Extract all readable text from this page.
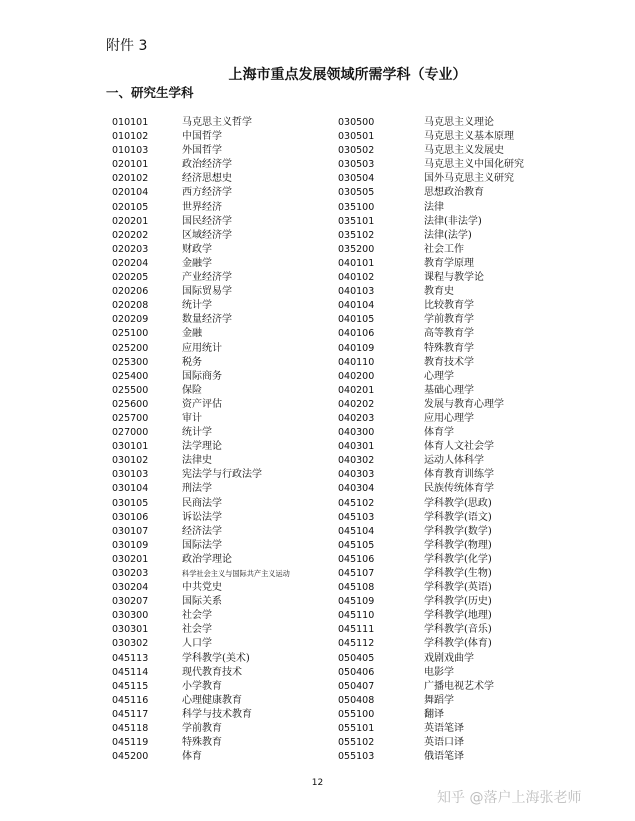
附件 3
上海市重点发展领域所需学科（专业）
一、研究生学科
010101	马克思主义哲学
010102	中国哲学
010103	外国哲学
020101	政治经济学
020102	经济思想史
020104	西方经济学
020105	世界经济
020201	国民经济学
020202	区域经济学
020203	财政学
020204	金融学
020205	产业经济学
020206	国际贸易学
020208	统计学
020209	数量经济学
025100	金融
025200	应用统计
025300	税务
025400	国际商务
025500	保险
025600	资产评估
025700	审计
027000	统计学
030101	法学理论
030102	法律史
030103	宪法学与行政法学
030104	刑法学
030105	民商法学
030106	诉讼法学
030107	经济法学
030109	国际法学
030201	政治学理论
030203	科学社会主义与国际共产主义运动
030204	中共党史
030207	国际关系
030300	社会学
030301	社会学
030302	人口学
045113	学科教学(美术)
045114	现代教育技术
045115	小学教育
045116	心理健康教育
045117	科学与技术教育
045118	学前教育
045119	特殊教育
045200	体育
030500	马克思主义理论
030501	马克思主义基本原理
030502	马克思主义发展史
030503	马克思主义中国化研究
030504	国外马克思主义研究
030505	思想政治教育
035100	法律
035101	法律(非法学)
035102	法律(法学)
035200	社会工作
040101	教育学原理
040102	课程与教学论
040103	教育史
040104	比较教育学
040105	学前教育学
040106	高等教育学
040109	特殊教育学
040110	教育技术学
040200	心理学
040201	基础心理学
040202	发展与教育心理学
040203	应用心理学
040300	体育学
040301	体育人文社会学
040302	运动人体科学
040303	体育教育训练学
040304	民族传统体育学
045102	学科教学(思政)
045103	学科教学(语文)
045104	学科教学(数学)
045105	学科教学(物理)
045106	学科教学(化学)
045107	学科教学(生物)
045108	学科教学(英语)
045109	学科教学(历史)
045110	学科教学(地理)
045111	学科教学(音乐)
045112	学科教学(体育)
050405	戏剧戏曲学
050406	电影学
050407	广播电视艺术学
050408	舞蹈学
055100	翻译
055101	英语笔译
055102	英语口译
055103	俄语笔译
12
知乎 @落户上海张老师
